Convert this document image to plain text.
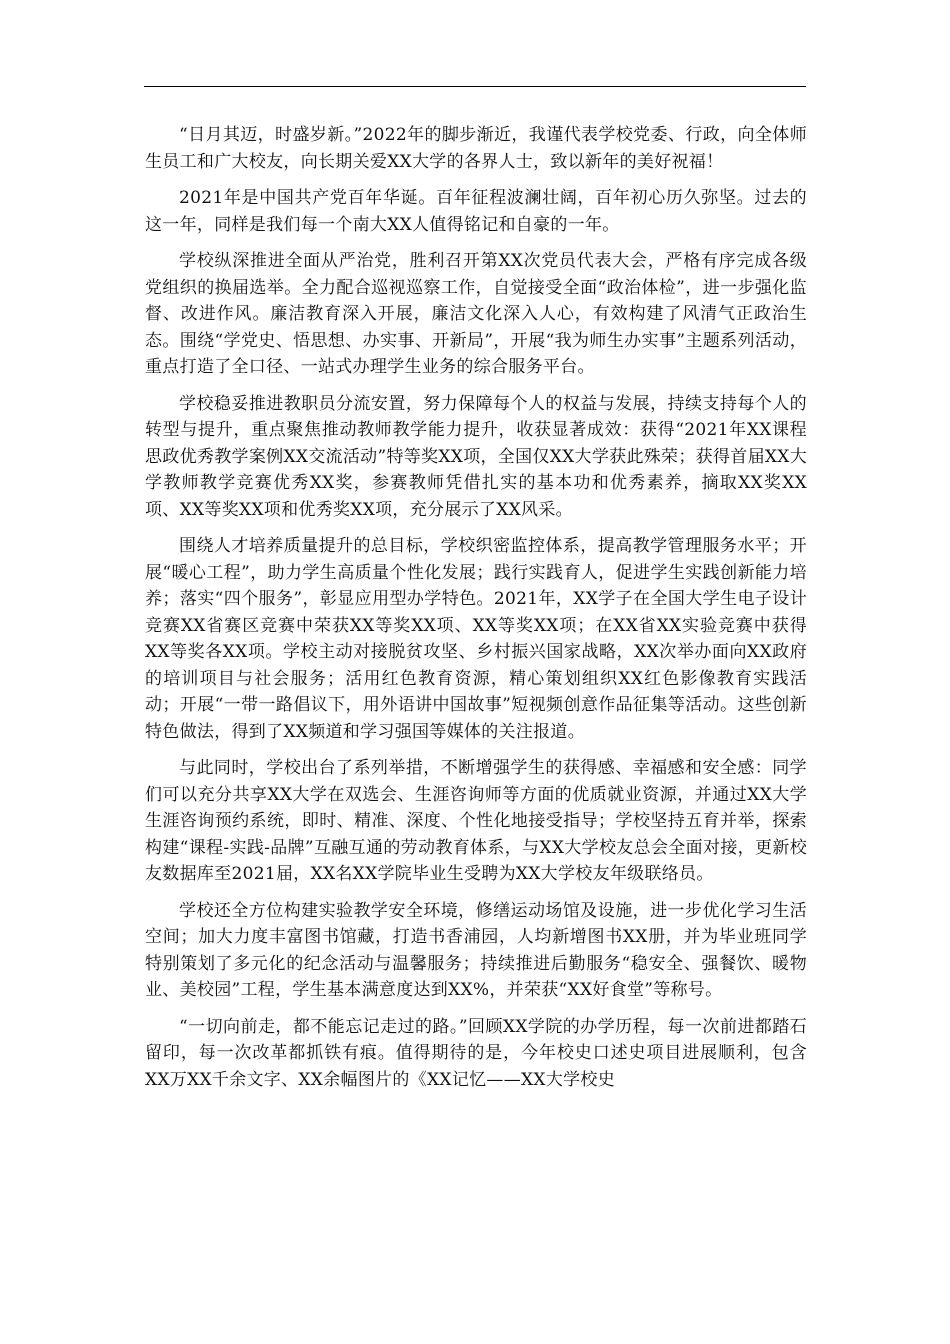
“日月其迈，时盛岁新。”2022年的脚步渐近，我谨代表学校党委、行政，向全体师生员工和广大校友，向长期关爱XX大学的各界人士，致以新年的美好祝福！

2021年是中国共产党百年华诞。百年征程波澜壮阔，百年初心历久弥坚。过去的这一年，同样是我们每一个南大XX人值得铭记和自豪的一年。

学校纵深推进全面从严治党，胜利召开第XX次党员代表大会，严格有序完成各级党组织的换届选举。全力配合巡视巡察工作，自觉接受全面“政治体检”，进一步强化监督、改进作风。廉洁教育深入开展，廉洁文化深入人心，有效构建了风清气正政治生态。围绕“学党史、悟思想、办实事、开新局”，开展“我为师生办实事”主题系列活动，重点打造了全口径、一站式办理学生业务的综合服务平台。

学校稳妥推进教职员分流安置，努力保障每个人的权益与发展，持续支持每个人的转型与提升，重点聚焦推动教师教学能力提升，收获显著成效：获得“2021年XX课程思政优秀教学案例XX交流活动”特等奖XX项，全国仅XX大学获此殊荣；获得首届XX大学教师教学竞赛优秀XX奖，参赛教师凭借扎实的基本功和优秀素养，摘取XX奖XX项、XX等奖XX项和优秀奖XX项，充分展示了XX风采。

围绕人才培养质量提升的总目标，学校织密监控体系，提高教学管理服务水平；开展“暖心工程”，助力学生高质量个性化发展；践行实践育人，促进学生实践创新能力培养；落实“四个服务”，彰显应用型办学特色。2021年，XX学子在全国大学生电子设计竞赛XX省赛区竞赛中荣获XX等奖XX项、XX等奖XX项；在XX省XX实验竞赛中获得XX等奖各XX项。学校主动对接脱贫攻坚、乡村振兴国家战略，XX次举办面向XX政府的培训项目与社会服务；活用红色教育资源，精心策划组织XX红色影像教育实践活动；开展“一带一路倡议下，用外语讲中国故事”短视频创意作品征集等活动。这些创新特色做法，得到了XX频道和学习强国等媒体的关注报道。

与此同时，学校出台了系列举措，不断增强学生的获得感、幸福感和安全感：同学们可以充分共享XX大学在双选会、生涯咨询师等方面的优质就业资源，并通过XX大学生涯咨询预约系统，即时、精准、深度、个性化地接受指导；学校坚持五育并举，探索构建“课程-实践-品牌”互融互通的劳动教育体系，与XX大学校友总会全面对接，更新校友数据库至2021届，XX名XX学院毕业生受聘为XX大学校友年级联络员。

学校还全方位构建实验教学安全环境，修缮运动场馆及设施，进一步优化学习生活空间；加大力度丰富图书馆藏，打造书香浦园，人均新增图书XX册，并为毕业班同学特别策划了多元化的纪念活动与温馨服务；持续推进后勤服务“稳安全、强餐饮、暖物业、美校园”工程，学生基本满意度达到XX%，并荣获“XX好食堂”等称号。

“一切向前走，都不能忘记走过的路。”回顾XX学院的办学历程，每一次前进都踏石留印，每一次改革都抓铁有痕。值得期待的是，今年校史口述史项目进展顺利，包含XX万XX千余文字、XX余幅图片的《XX记忆——XX大学校史
